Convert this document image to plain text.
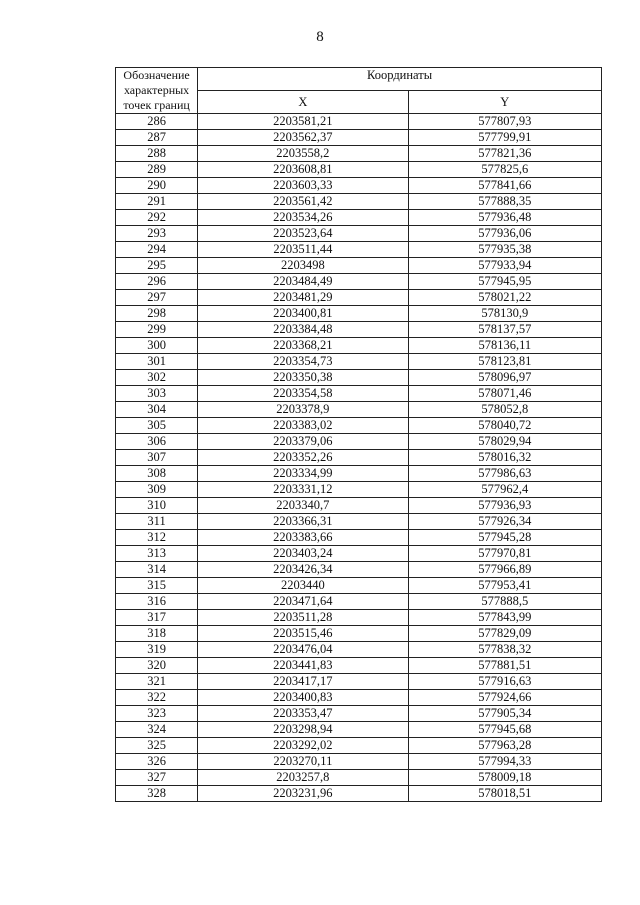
8
Обозначение характерных точек границ	Координаты	
	X	Y
286	2203581,21	577807,93
287	2203562,37	577799,91
288	2203558,2	577821,36
289	2203608,81	577825,6
290	2203603,33	577841,66
291	2203561,42	577888,35
292	2203534,26	577936,48
293	2203523,64	577936,06
294	2203511,44	577935,38
295	2203498	577933,94
296	2203484,49	577945,95
297	2203481,29	578021,22
298	2203400,81	578130,9
299	2203384,48	578137,57
300	2203368,21	578136,11
301	2203354,73	578123,81
302	2203350,38	578096,97
303	2203354,58	578071,46
304	2203378,9	578052,8
305	2203383,02	578040,72
306	2203379,06	578029,94
307	2203352,26	578016,32
308	2203334,99	577986,63
309	2203331,12	577962,4
310	2203340,7	577936,93
311	2203366,31	577926,34
312	2203383,66	577945,28
313	2203403,24	577970,81
314	2203426,34	577966,89
315	2203440	577953,41
316	2203471,64	577888,5
317	2203511,28	577843,99
318	2203515,46	577829,09
319	2203476,04	577838,32
320	2203441,83	577881,51
321	2203417,17	577916,63
322	2203400,83	577924,66
323	2203353,47	577905,34
324	2203298,94	577945,68
325	2203292,02	577963,28
326	2203270,11	577994,33
327	2203257,8	578009,18
328	2203231,96	578018,51
